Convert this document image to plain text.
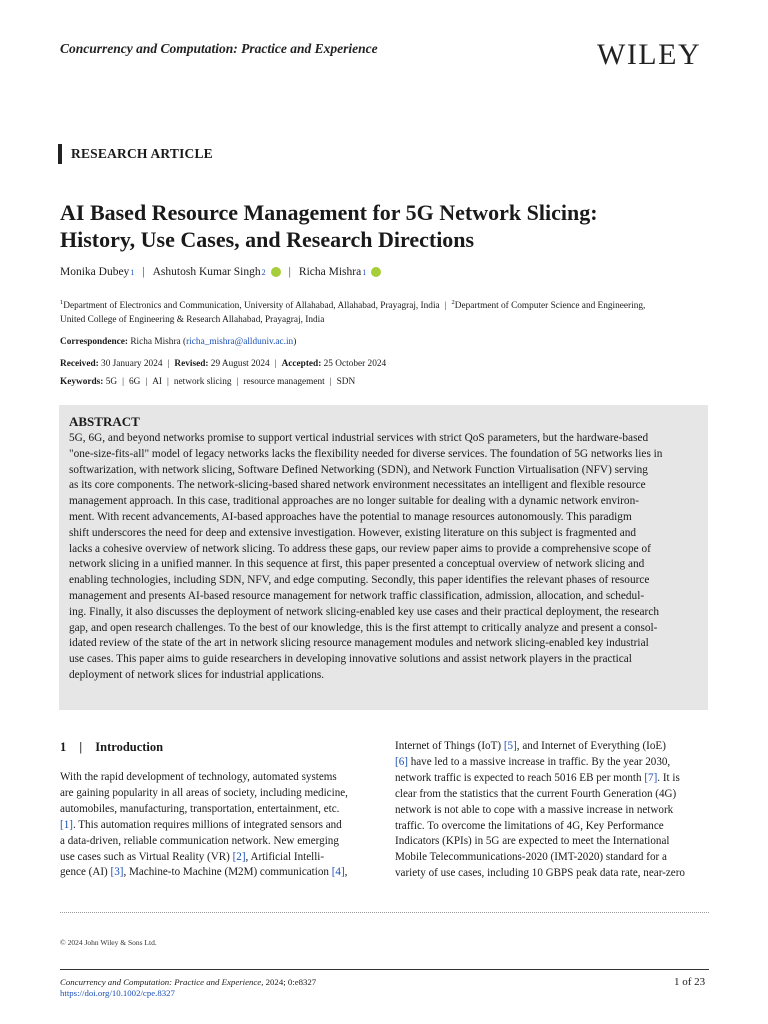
Concurrency and Computation: Practice and Experience	WILEY
RESEARCH ARTICLE
AI Based Resource Management for 5G Network Slicing:
History, Use Cases, and Research Directions
Monika Dubey 1 | Ashutosh Kumar Singh 2 | Richa Mishra 1
$^1$Department of Electronics and Communication, University of Allahabad, Allahabad, Prayagraj, India | $^2$Department of Computer Science and Engineering,
United College of Engineering & Research Allahabad, Prayagraj, India
Correspondence: Richa Mishra (richa_mishra@allduniv.ac.in)
Received: 30 January 2024 | Revised: 29 August 2024 | Accepted: 25 October 2024
Keywords: 5G | 6G | AI | network slicing | resource management | SDN
ABSTRACT
5G, 6G, and beyond networks promise to support vertical industrial services with strict QoS parameters, but the hardware-based
"one-size-fits-all" model of legacy networks lacks the flexibility needed for diverse services. The foundation of 5G networks lies in
softwarization, with network slicing, Software Defined Networking (SDN), and Network Function Virtualisation (NFV) serving
as its core components. The network-slicing-based shared network environment necessitates an intelligent and flexible resource
management approach. In this case, traditional approaches are no longer suitable for dealing with a dynamic network environ-
ment. With recent advancements, AI-based approaches have the potential to manage resources autonomously. This paradigm
shift underscores the need for deep and extensive investigation. However, existing literature on this subject is fragmented and
lacks a cohesive overview of network slicing. To address these gaps, our review paper aims to provide a comprehensive scope of
network slicing in a unified manner. In this sequence at first, this paper presented a conceptual overview of network slicing and
enabling technologies, including SDN, NFV, and edge computing. Secondly, this paper identifies the relevant phases of resource
management and presents AI-based resource management for network traffic classification, admission, allocation, and schedul-
ing. Finally, it also discusses the deployment of network slicing-enabled key use cases and their practical deployment, the research
gap, and open research challenges. To the best of our knowledge, this is the first attempt to critically analyze and present a consol-
idated review of the state of the art in network slicing resource management modules and network slicing-enabled key industrial
use cases. This paper aims to guide researchers in developing innovative solutions and assist network players in the practical
deployment of network slices for industrial applications.
1 | Introduction
With the rapid development of technology, automated systems
are gaining popularity in all areas of society, including medicine,
automobiles, manufacturing, transportation, entertainment, etc.
[1]. This automation requires millions of integrated sensors and
a data-driven, reliable communication network. New emerging
use cases such as Virtual Reality (VR) [2], Artificial Intelli-
gence (AI) [3], Machine-to Machine (M2M) communication [4],
Internet of Things (IoT) [5], and Internet of Everything (IoE)
[6] have led to a massive increase in traffic. By the year 2030,
network traffic is expected to reach 5016 EB per month [7]. It is
clear from the statistics that the current Fourth Generation (4G)
network is not able to cope with a massive increase in network
traffic. To overcome the limitations of 4G, Key Performance
Indicators (KPIs) in 5G are expected to meet the International
Mobile Telecommunications-2020 (IMT-2020) standard for a
variety of use cases, including 10 GBPS peak data rate, near-zero
© 2024 John Wiley & Sons Ltd.
Concurrency and Computation: Practice and Experience, 2024; 0:e8327
https://doi.org/10.1002/cpe.8327
1 of 23
